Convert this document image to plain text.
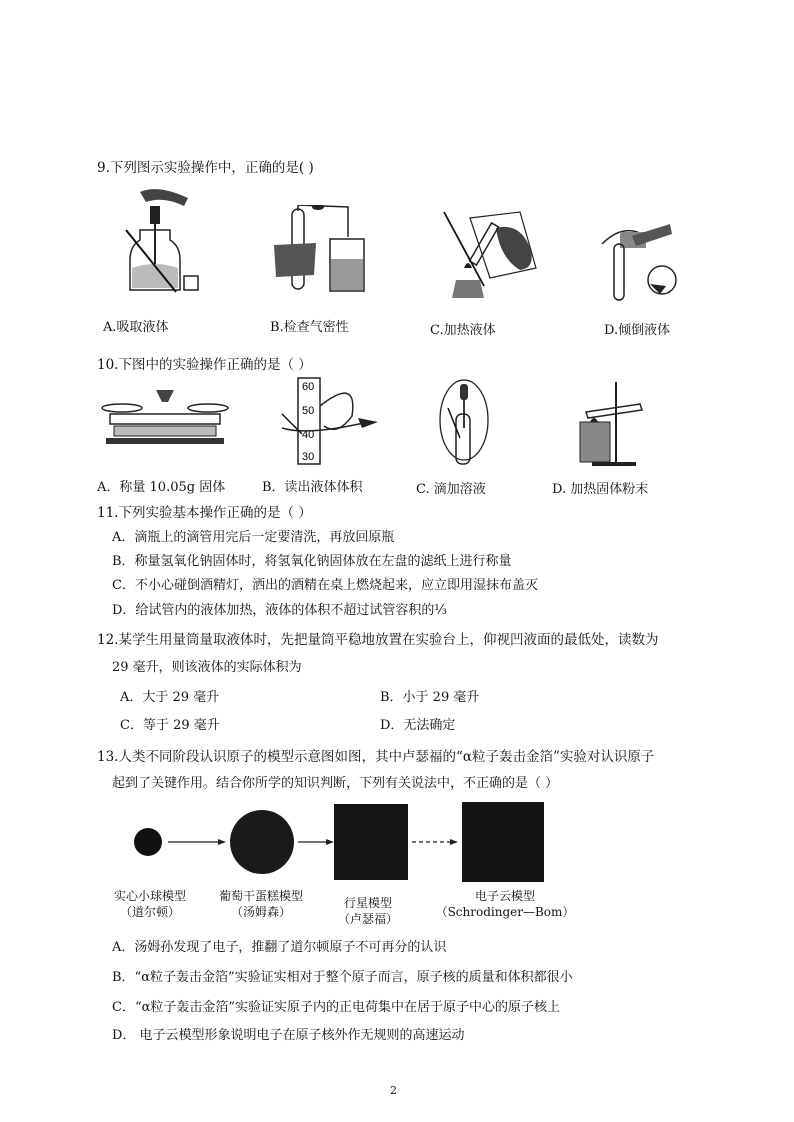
9.下列图示实验操作中，正确的是( )
A.吸取液体	B.检查气密性	C.加热液体	D.倾倒液体
10.下图中的实验操作正确的是（ ）
A．称量 10.05g 固体
60
50
40
30
B．读出液体体积	C. 滴加溶液	D. 加热固体粉末
11.下列实验基本操作正确的是（ ）
A．滴瓶上的滴管用完后一定要清洗，再放回原瓶
B．称量氢氧化钠固体时，将氢氧化钠固体放在左盘的滤纸上进行称量
C．不小心碰倒酒精灯，洒出的酒精在桌上燃烧起来，应立即用湿抹布盖灭
D．给试管内的液体加热，液体的体积不超过试管容积的⅓
12.某学生用量筒量取液体时，先把量筒平稳地放置在实验台上，仰视凹液面的最低处，读数为
29 毫升，则该液体的实际体积为
A．大于 29 毫升	B．小于 29 毫升
C．等于 29 毫升	D．无法确定
13.人类不同阶段认识原子的模型示意图如图，其中卢瑟福的“α粒子轰击金箔”实验对认识原子
起到了关键作用。结合你所学的知识判断，下列有关说法中，不正确的是（ ）
实心小球模型
（道尔顿）
葡萄干蛋糕模型
（汤姆森）
行星模型
（卢瑟福）
电子云模型
（Schrodinger—Bom）
A．汤姆孙发现了电子，推翻了道尔顿原子不可再分的认识
B．“α粒子轰击金箔”实验证实相对于整个原子而言，原子核的质量和体积都很小
C．“α粒子轰击金箔”实验证实原子内的正电荷集中在居于原子中心的原子核上
D． 电子云模型形象说明电子在原子核外作无规则的高速运动
2
